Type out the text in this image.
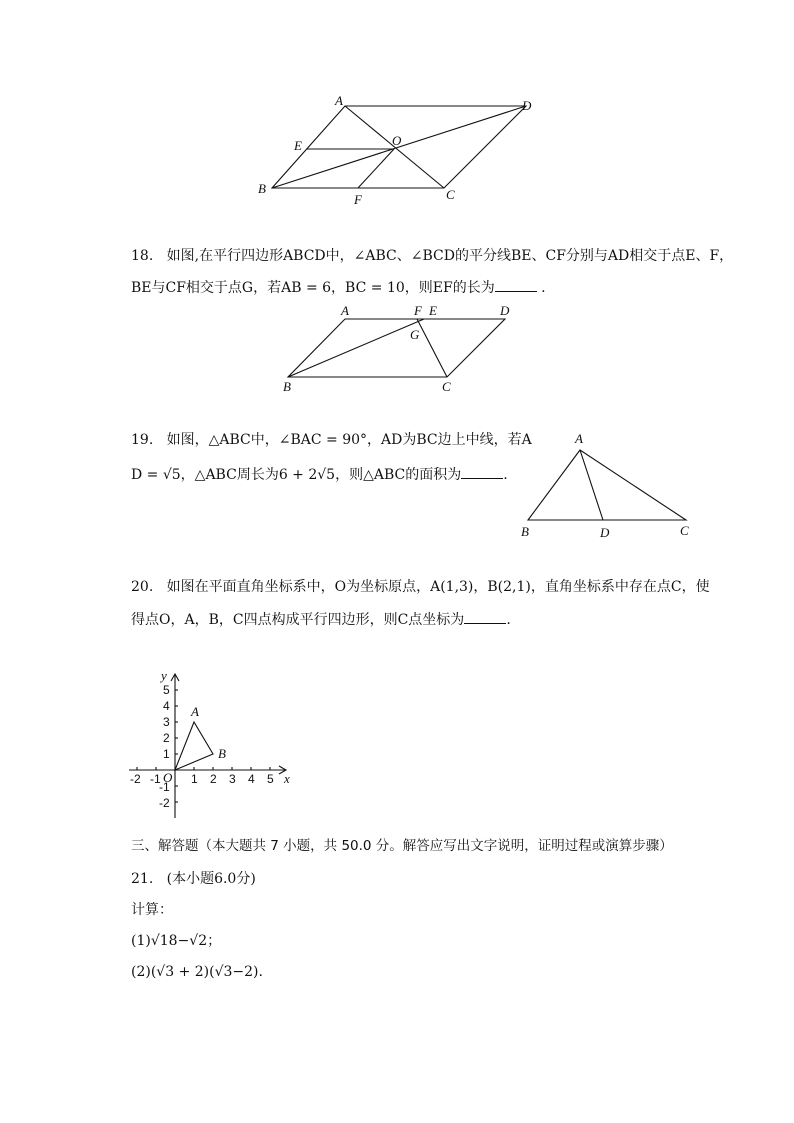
A	D
E	O
B	C
F
18.   如图,在平行四边形ABCD中，∠ABC、∠BCD的平分线BE、CF分别与AD相交于点E、F，
BE与CF相交于点G，若AB = 6，BC = 10，则EF的长为	.
A	F E	D
G
B	C
19.   如图，△ABC中，∠BAC = 90°，AD为BC边上中线，若A
D = √5，△ABC周长为6 + 2√5，则△ABC的面积为	.
A
B	D	C
20.   如图在平面直角坐标系中，O为坐标原点，A(1,3)，B(2,1)，直角坐标系中存在点C，使
得点O，A，B，C四点构成平行四边形，则C点坐标为	.
-2 -1	1 2 3 4 5
5
4
3
2
1
-1
-2
O	x
y
A
B
三、解答题（本大题共 7 小题，共 50.0 分。解答应写出文字说明，证明过程或演算步骤）
21.   (本小题6.0分)
计算：
(1)√18−√2；
(2)(√3 + 2)(√3−2).
